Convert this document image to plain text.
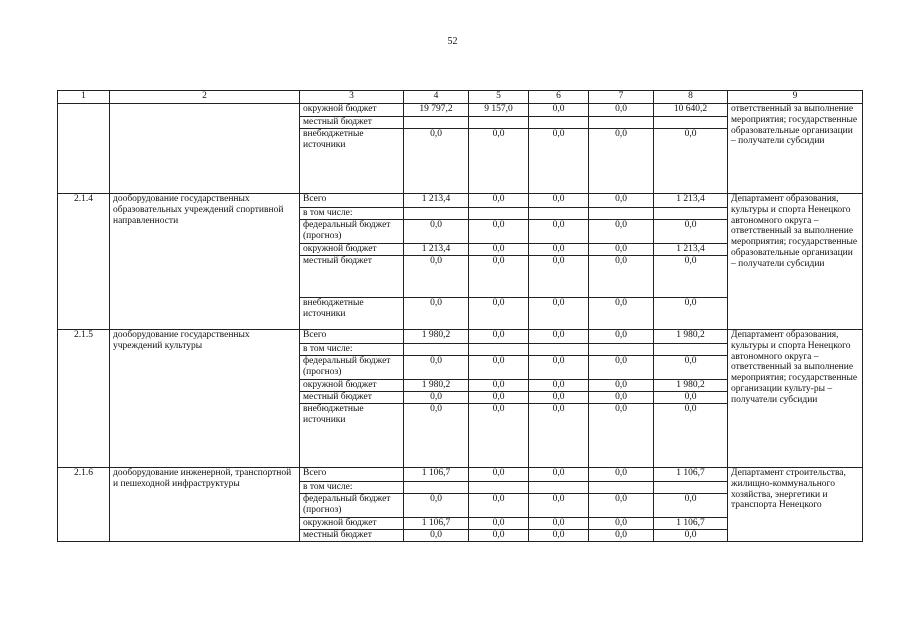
52
1	2	3	4	5	6	7	8	9
		окружной бюджет	19 797,2	9 157,0	0,0	0,0	10 640,2	ответственный за выполнение мероприятия; государственные образовательные организации – получатели субсидии
		местный бюджет						
		внебюджетные источники	0,0	0,0	0,0	0,0	0,0	
2.1.4	дооборудование государственных образовательных учреждений спортивной направленности	Всего	1 213,4	0,0	0,0	0,0	1 213,4	Департамент образования, культуры и спорта Ненецкого автономного округа – ответственный за выполнение мероприятия; государственные образовательные организации – получатели субсидии
		в том числе:						
		федеральный бюджет (прогноз)	0,0	0,0	0,0	0,0	0,0	
		окружной бюджет	1 213,4	0,0	0,0	0,0	1 213,4	
		местный бюджет	0,0	0,0	0,0	0,0	0,0	
		внебюджетные источники	0,0	0,0	0,0	0,0	0,0	
2.1.5	дооборудование государственных учреждений культуры	Всего	1 980,2	0,0	0,0	0,0	1 980,2	Департамент образования, культуры и спорта Ненецкого автономного округа – ответственный за выполнение мероприятия; государственные организации культу-ры – получатели субсидии
		в том числе:						
		федеральный бюджет (прогноз)	0,0	0,0	0,0	0,0	0,0	
		окружной бюджет	1 980,2	0,0	0,0	0,0	1 980,2	
		местный бюджет	0,0	0,0	0,0	0,0	0,0	
		внебюджетные источники	0,0	0,0	0,0	0,0	0,0	
2.1.6	дооборудование инженерной, транспортной и пешеходной инфраструктуры	Всего	1 106,7	0,0	0,0	0,0	1 106,7	Департамент строительства, жилищно-коммунального хозяйства, энергетики и транспорта Ненецкого
		в том числе:						
		федеральный бюджет (прогноз)	0,0	0,0	0,0	0,0	0,0	
		окружной бюджет	1 106,7	0,0	0,0	0,0	1 106,7	
		местный бюджет	0,0	0,0	0,0	0,0	0,0	
